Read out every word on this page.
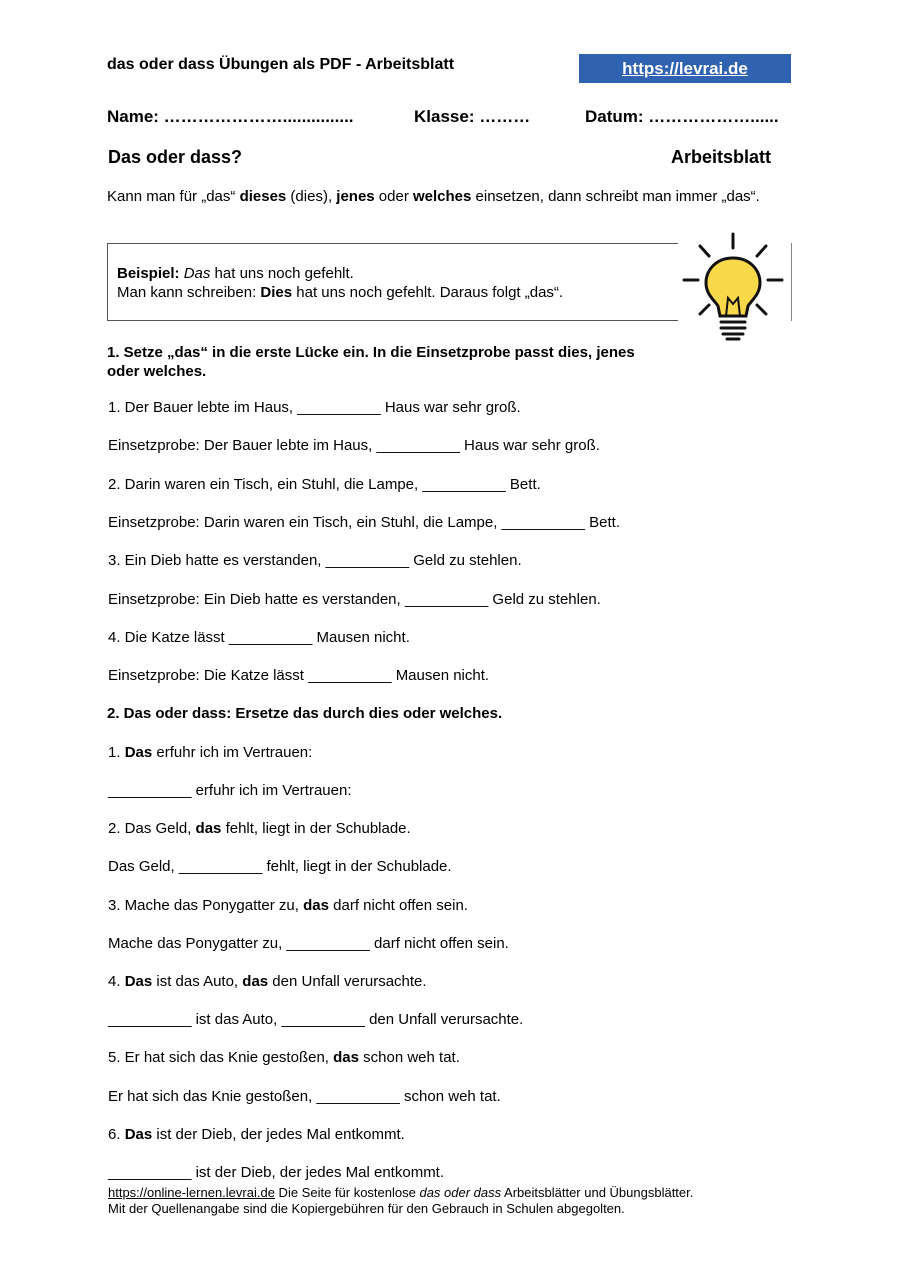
das oder dass Übungen als PDF - Arbeitsblatt	https://levrai.de
Name: …………………...............	Klasse: ………	Datum: ………………......
Das oder dass?	Arbeitsblatt
Kann man für „das“ dieses (dies), jenes oder welches einsetzen, dann schreibt man immer „das“.
Beispiel: Das hat uns noch gefehlt.
Man kann schreiben: Dies hat uns noch gefehlt. Daraus folgt „das“.
1. Setze „das“ in die erste Lücke ein. In die Einsetzprobe passt dies, jenes oder welches.
1. Der Bauer lebte im Haus, __________ Haus war sehr groß.
Einsetzprobe: Der Bauer lebte im Haus, __________ Haus war sehr groß.
2. Darin waren ein Tisch, ein Stuhl, die Lampe, __________ Bett.
Einsetzprobe: Darin waren ein Tisch, ein Stuhl, die Lampe, __________ Bett.
3. Ein Dieb hatte es verstanden, __________ Geld zu stehlen.
Einsetzprobe: Ein Dieb hatte es verstanden, __________ Geld zu stehlen.
4. Die Katze lässt __________ Mausen nicht.
Einsetzprobe: Die Katze lässt __________ Mausen nicht.
2. Das oder dass: Ersetze das durch dies oder welches.
1. Das erfuhr ich im Vertrauen:
__________ erfuhr ich im Vertrauen:
2. Das Geld, das fehlt, liegt in der Schublade.
Das Geld, __________ fehlt, liegt in der Schublade.
3. Mache das Ponygatter zu, das darf nicht offen sein.
Mache das Ponygatter zu, __________ darf nicht offen sein.
4. Das ist das Auto, das den Unfall verursachte.
__________ ist das Auto, __________ den Unfall verursachte.
5. Er hat sich das Knie gestoßen, das schon weh tat.
Er hat sich das Knie gestoßen, __________ schon weh tat.
6. Das ist der Dieb, der jedes Mal entkommt.
__________ ist der Dieb, der jedes Mal entkommt.
https://online-lernen.levrai.de Die Seite für kostenlose das oder dass Arbeitsblätter und Übungsblätter.
Mit der Quellenangabe sind die Kopiergebühren für den Gebrauch in Schulen abgegolten.
